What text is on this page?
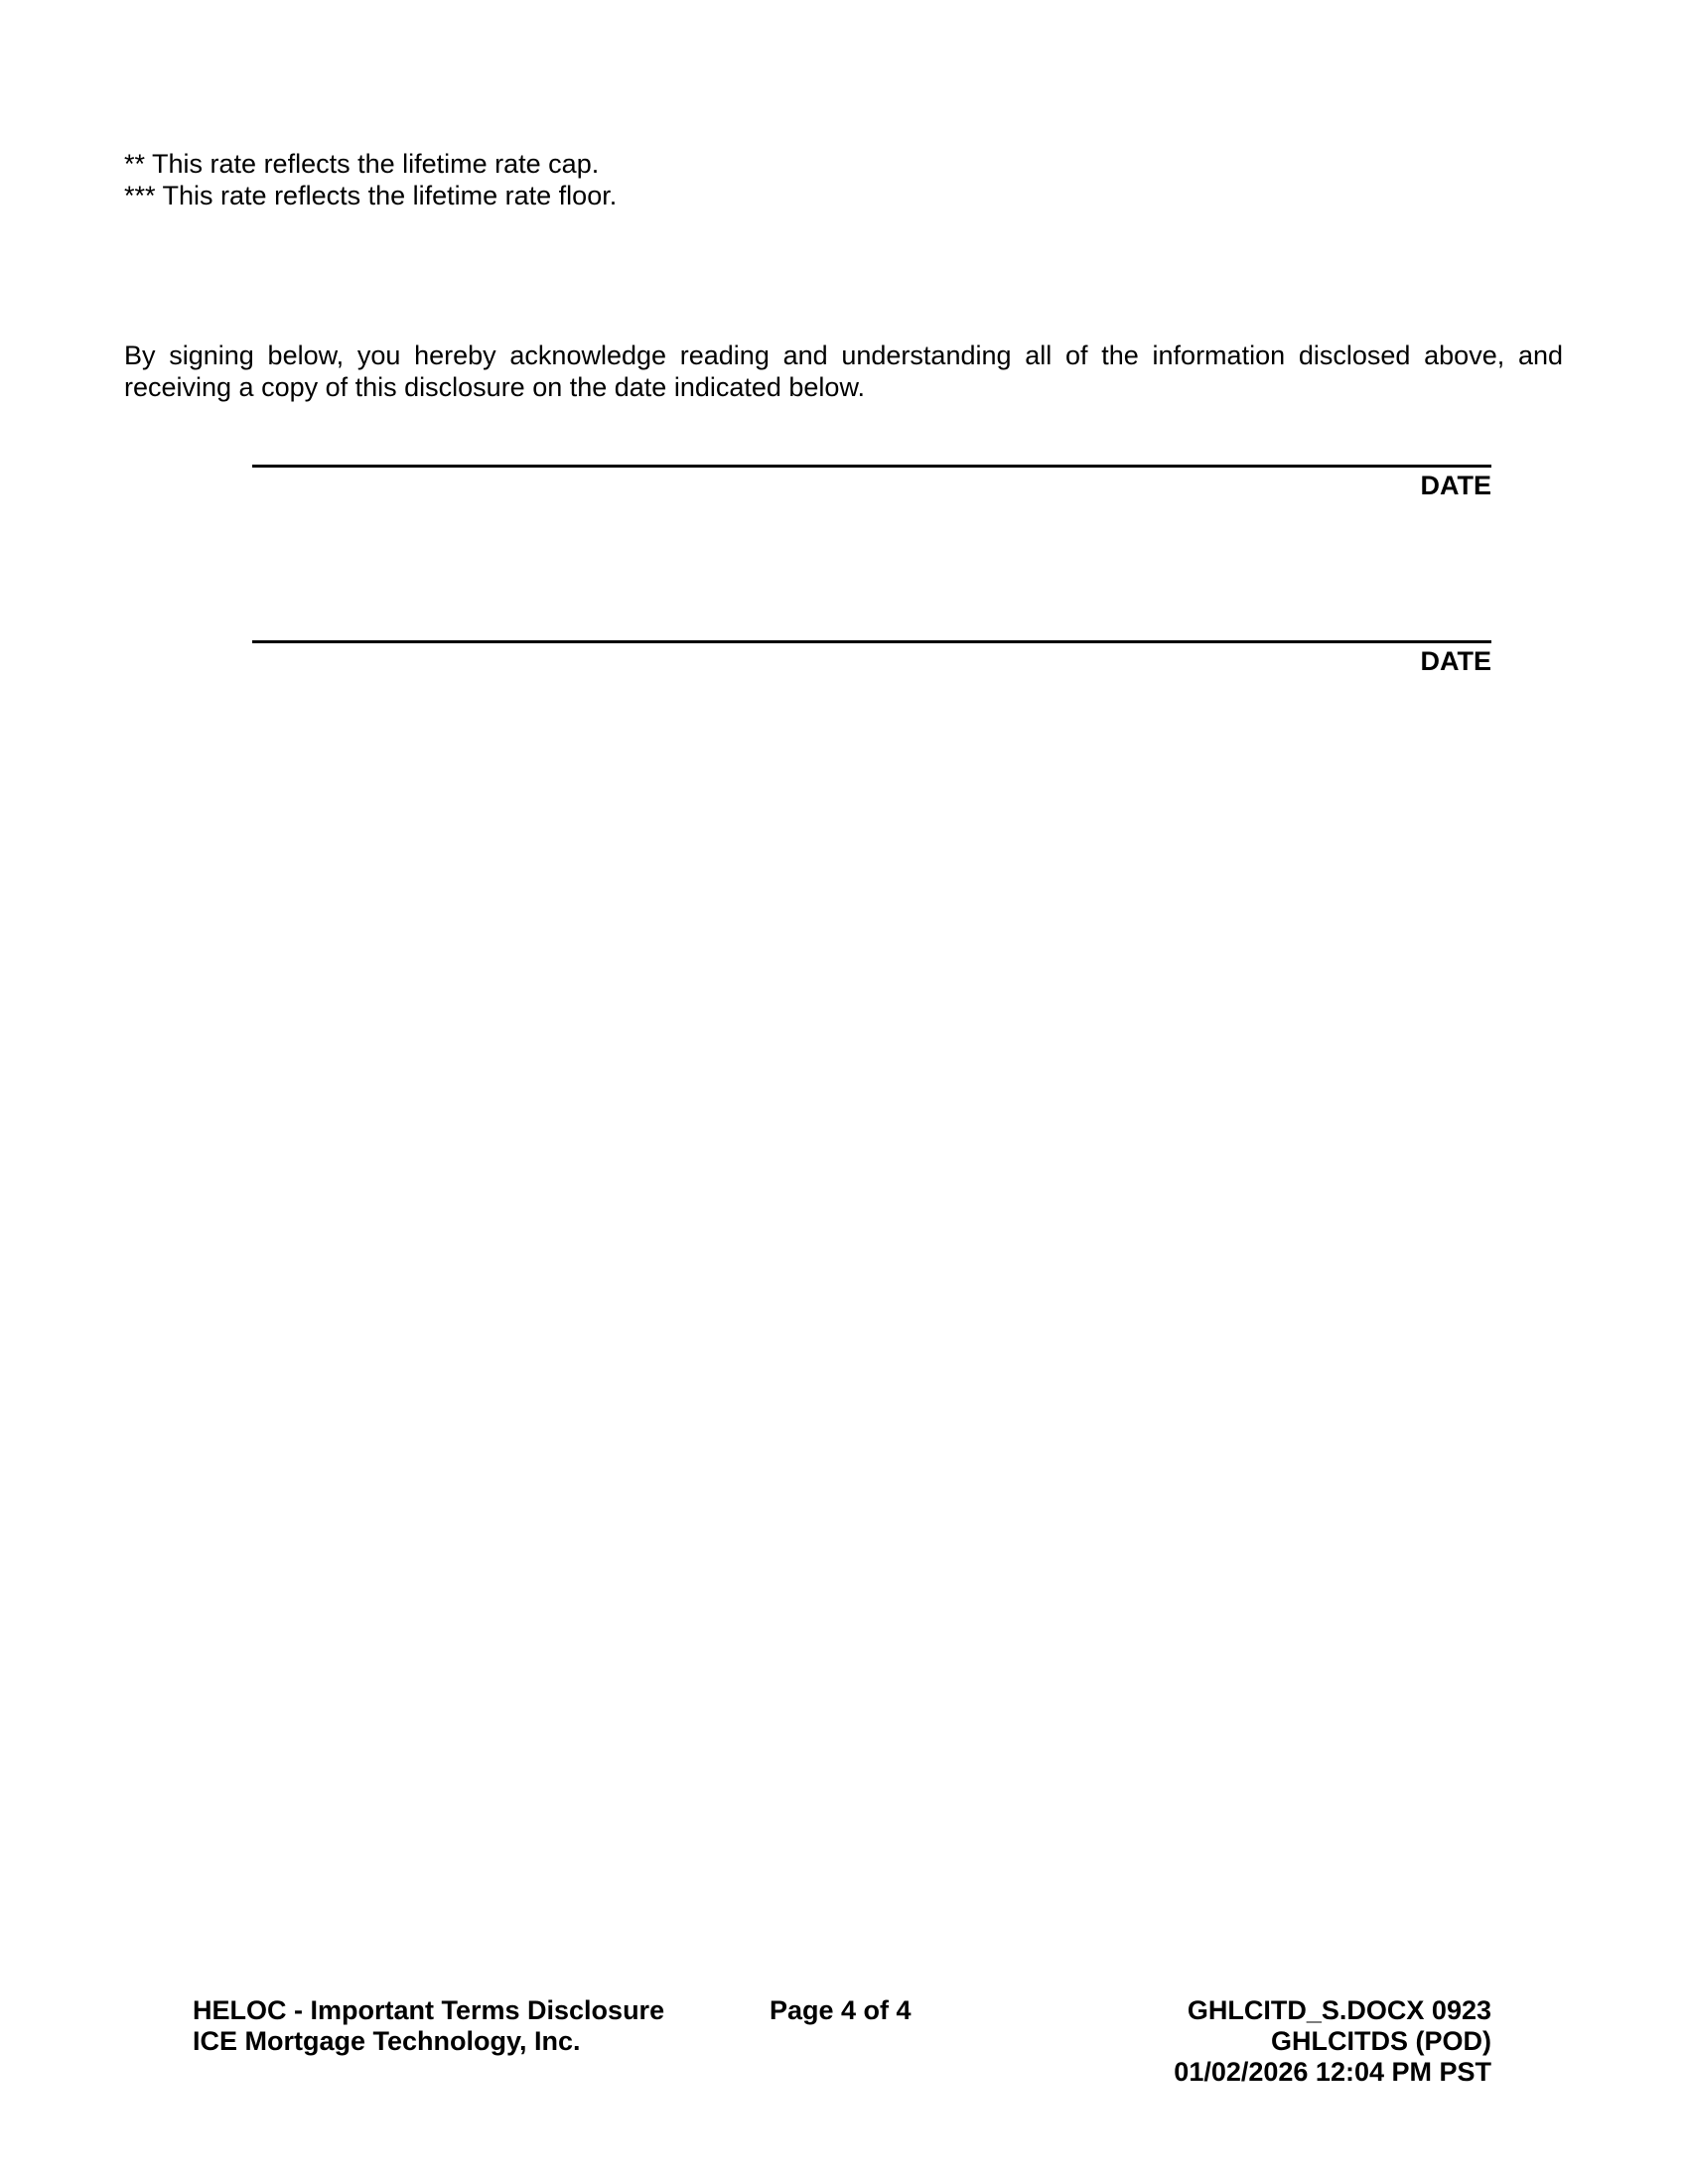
** This rate reflects the lifetime rate cap.
*** This rate reflects the lifetime rate floor.
By signing below, you hereby acknowledge reading and understanding all of the information disclosed above, and receiving a copy of this disclosure on the date indicated below.
DATE
DATE
HELOC - Important Terms Disclosure
ICE Mortgage Technology, Inc.
Page 4 of 4	GHLCITD_S.DOCX 0923
GHLCITDS (POD)
01/02/2026 12:04 PM PST
